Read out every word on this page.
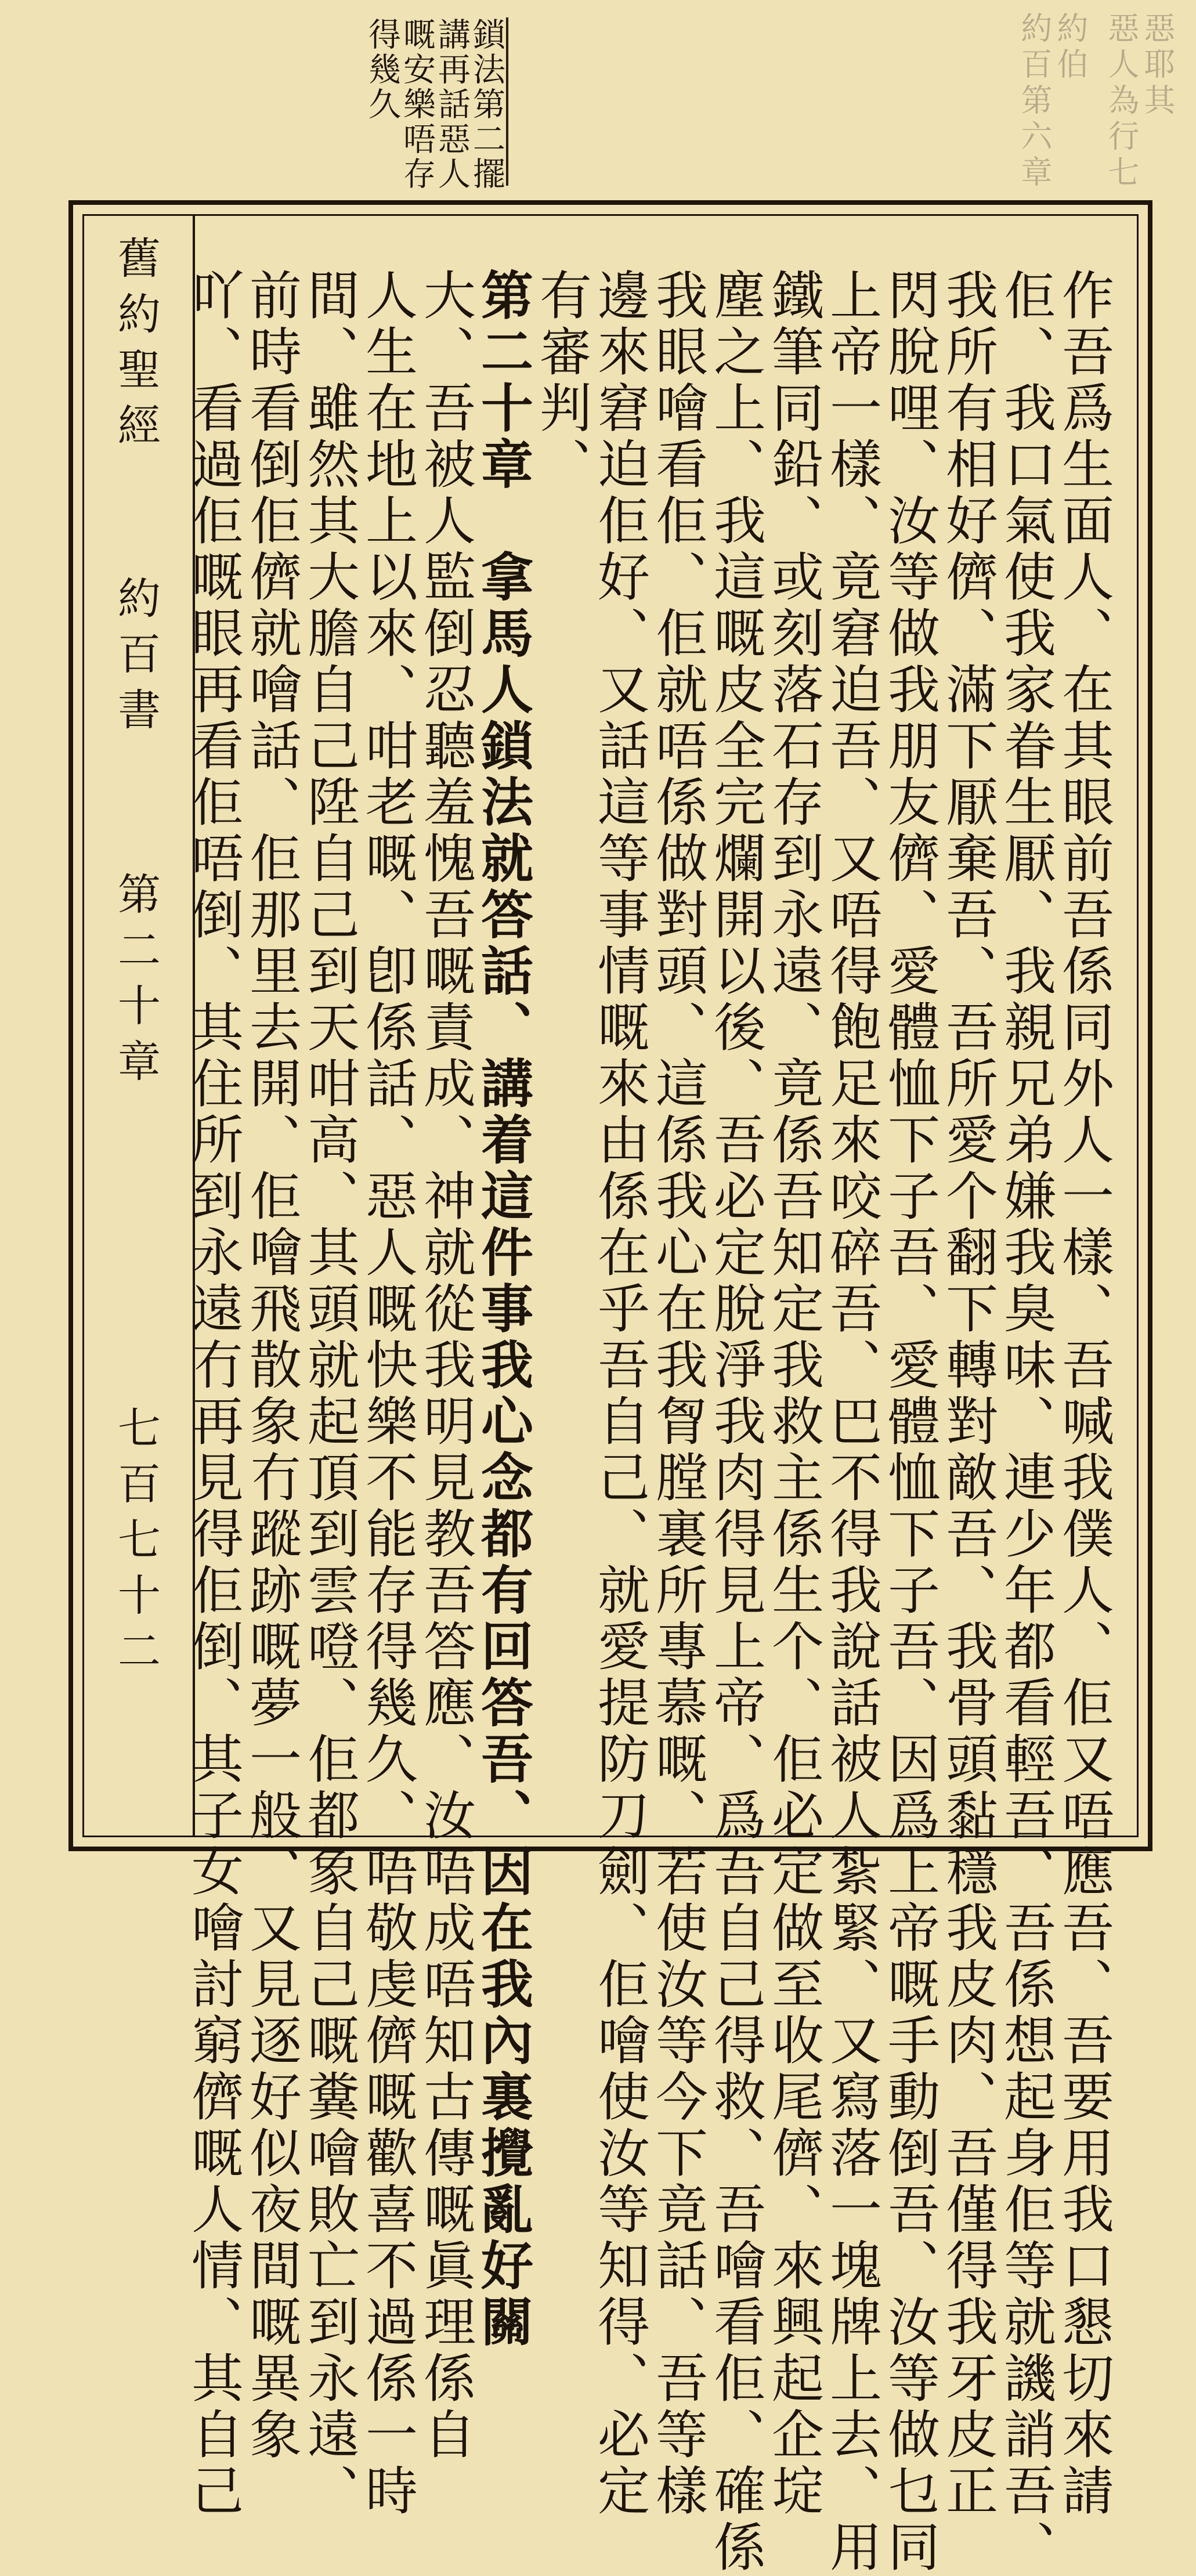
惡耶其
惡人為行七
約伯
約百第六章
鎖法第二擺
講再話惡人
嘅安樂唔存
得幾久
舊約聖經
約百書
第二十章
七百七十二	作吾爲生面人、在其眼前吾係同外人一樣、吾喊我僕人、佢又唔應吾、吾要用我口懇切來請
佢、我口氣使我家眷生厭、我親兄弟嫌我臭味、連少年都看輕吾、吾係想起身佢等就譏誚吾、
我所有相好儕、滿下厭棄吾、吾所愛个翻下轉對敵吾、我骨頭黏穩我皮肉、吾僅得我牙皮正
閃脫哩、汝等做我朋友儕、愛體恤下子吾、愛體恤下子吾、因爲上帝嘅手動倒吾、汝等做乜同
上帝一樣、竟窘迫吾、又唔得飽足來咬碎吾、巴不得我說話被人紮緊、又寫落一塊牌上去、用
鐵筆同鉛、或刻落石存到永遠、竟係吾知定我救主係生个、佢必定做至收尾儕、來興起企埞
塵之上、我這嘅皮全完爛開以後、吾必定脫淨我肉得見上帝、爲吾自己得救、吾噲看佢、確係
我眼噲看佢、佢就唔係做對頭、這係我心在我胷膛裏所專慕嘅、若使汝等今下竟話、吾等樣
邊來窘迫佢好、又話這等事情嘅來由係在乎吾自己、就愛提防刀劍、佢噲使汝等知得、必定
有審判、
第二十章　拿馬人鎖法就答話、講着這件事我心念都有回答吾、因在我內裏攪亂好關
大、吾被人監倒忍聽羞愧吾嘅責成、神就從我明見教吾答應、汝唔成唔知古傳嘅眞理係自
人生在地上以來、咁老嘅、卽係話、惡人嘅快樂不能存得幾久、唔敬虔儕嘅歡喜不過係一時
間、雖然其大膽自己陞自己到天咁高、其頭就起頂到雲噔、佢都象自己嘅糞噲敗亡到永遠、
前時看倒佢儕就噲話、佢那里去開、佢噲飛散象冇蹤跡嘅夢一般、又見逐好似夜間嘅異象
吖、看過佢嘅眼再看佢唔倒、其住所到永遠冇再見得佢倒、其子女噲討窮儕嘅人情、其自己
